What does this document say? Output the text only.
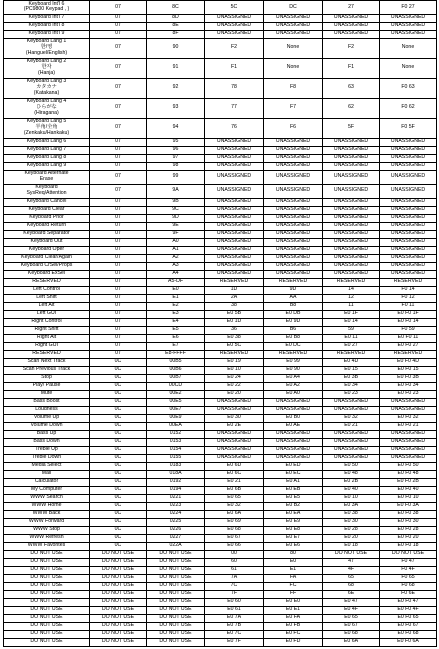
Keyboard Int'l 6
(PC9800 Keypad , )	07	8C	5C	DC	27	F0 27
Keyboard Int'l 7	07	8D	UNASSIGNED	UNASSIGNED	UNASSIGNED	UNASSIGNED
Keyboard Int'l 8	07	8E	UNASSIGNED	UNASSIGNED	UNASSIGNED	UNASSIGNED
Keyboard Int'l 9	07	8F	UNASSIGNED	UNASSIGNED	UNASSIGNED	UNASSIGNED
Keyboard Lang 1
한/영
(Hanguel/English)	07	90	F2	None	F2	None
Keyboard Lang 2
한자
(Hanja)	07	91	F1	None	F1	None
Keyboard Lang 3
カタカナ
(Katakana)	07	92	78	F8	63	F0 63
Keyboard Lang 4
ひらがな
(Hiragana)	07	93	77	F7	62	F0 62
Keyboard Lang 5
半角/全角
(Zenkaku/Hankaku)	07	94	76	F6	5F	F0 5F
Keyboard Lang 6	07	95	UNASSIGNED	UNASSIGNED	UNASSIGNED	UNASSIGNED
Keyboard Lang 7	07	96	UNASSIGNED	UNASSIGNED	UNASSIGNED	UNASSIGNED
Keyboard Lang 8	07	97	UNASSIGNED	UNASSIGNED	UNASSIGNED	UNASSIGNED
Keyboard Lang 9	07	98	UNASSIGNED	UNASSIGNED	UNASSIGNED	UNASSIGNED
Keyboard Alternate
Erase	07	99	UNASSIGNED	UNASSIGNED	UNASSIGNED	UNASSIGNED
Keyboard
SysReq/Attention	07	9A	UNASSIGNED	UNASSIGNED	UNASSIGNED	UNASSIGNED
Keyboard Cancel	07	9B	UNASSIGNED	UNASSIGNED	UNASSIGNED	UNASSIGNED
Keyboard Clear	07	9C	UNASSIGNED	UNASSIGNED	UNASSIGNED	UNASSIGNED
Keyboard Prior	07	9D	UNASSIGNED	UNASSIGNED	UNASSIGNED	UNASSIGNED
Keyboard Return	07	9E	UNASSIGNED	UNASSIGNED	UNASSIGNED	UNASSIGNED
Keyboard Separator	07	9F	UNASSIGNED	UNASSIGNED	UNASSIGNED	UNASSIGNED
Keyboard Out	07	A0	UNASSIGNED	UNASSIGNED	UNASSIGNED	UNASSIGNED
Keyboard Oper	07	A1	UNASSIGNED	UNASSIGNED	UNASSIGNED	UNASSIGNED
Keyboard Clear/Again	07	A2	UNASSIGNED	UNASSIGNED	UNASSIGNED	UNASSIGNED
Keyboard CrSel/Props	07	A3	UNASSIGNED	UNASSIGNED	UNASSIGNED	UNASSIGNED
Keyboard ExSel	07	A4	UNASSIGNED	UNASSIGNED	UNASSIGNED	UNASSIGNED
RESERVED	07	A5-DF	RESERVED	RESERVED	RESERVED	RESERVED
Left Control	07	E0	1D	9D	14	F0 14
Left Shift	07	E1	2A	AA	12	F0 12
Left Alt	07	E2	38	B8	11	F0 11
Left GUI	07	E3	E0 5B	E0 DB	E0 1F	E0 F0 1F
Right Control	07	E4	E0 1D	E0 9D	E0 14	E0 F0 14
Right Shift	07	E5	36	B6	59	F0 59
Right Alt	07	E6	E0 38	E0 B8	E0 11	E0 F0 11
Right GUI	07	E7	E0 5C	E0 DC	E0 27	E0 F0 27
RESERVED	07	E8-FFFF	RESERVED	RESERVED	RESERVED	RESERVED
Scan Next Track	0C	00B5	E0 19	E0 99	E0 4D	E0 F0 4D
Scan Previous Track	0C	00B6	E0 10	E0 90	E0 15	E0 F0 15
Stop	0C	00B7	E0 24	E0 A4	E0 3B	E0 F0 3B
Play/ Pause	0C	00CD	E0 22	E0 A2	E0 34	E0 F0 34
Mute	0C	00E2	E0 20	E0 A0	E0 23	E0 F0 23
Bass Boost	0C	00E5	UNASSIGNED	UNASSIGNED	UNASSIGNED	UNASSIGNED
Loudness	0C	00E7	UNASSIGNED	UNASSIGNED	UNASSIGNED	UNASSIGNED
Volume Up	0C	00E9	E0 30	E0 B0	E0 32	E0 F0 32
Volume Down	0C	00EA	E0 2E	E0 AE	E0 21	E0 F0 21
Bass Up	0C	0152	UNASSIGNED	UNASSIGNED	UNASSIGNED	UNASSIGNED
Bass Down	0C	0153	UNASSIGNED	UNASSIGNED	UNASSIGNED	UNASSIGNED
Treble Up	0C	0154	UNASSIGNED	UNASSIGNED	UNASSIGNED	UNASSIGNED
Treble Down	0C	0155	UNASSIGNED	UNASSIGNED	UNASSIGNED	UNASSIGNED
Media Select	0C	0183	E0 6D	E0 ED	E0 50	E0 F0 50
Mail	0C	018A	E0 6C	E0 EC	E0 48	E0 F0 48
Calculator	0C	0192	E0 21	E0 A1	E0 2B	E0 F0 2B
My Computer	0C	0194	E0 6B	E0 EB	E0 40	E0 F0 40
WWW Search	0C	0221	E0 65	E0 E5	E0 10	E0 F0 10
WWW Home	0C	0223	E0 32	E0 B2	E0 3A	E0 F0 3A
WWW Back	0C	0224	E0 6A	E0 EA	E0 38	E0 F0 38
WWW Forward	0C	0225	E0 69	E0 E9	E0 30	E0 F0 30
WWW Stop	0C	0226	E0 68	E0 E8	E0 28	E0 F0 28
WWW Refresh	0C	0227	E0 67	E0 E7	E0 20	E0 F0 20
WWW Favorites	0C	022A	E0 66	E0 E6	E0 18	E0 F0 18
DO NOT USE	DO NOT USE	DO NOT USE	00	80	DO NOT USE	DO NOT USE
DO NOT USE	DO NOT USE	DO NOT USE	60	E0	47	F0 47
DO NOT USE	DO NOT USE	DO NOT USE	61	E1	4F	F0 4F
DO NOT USE	DO NOT USE	DO NOT USE	7A	FA	65	F0 65
DO NOT USE	DO NOT USE	DO NOT USE	7C	FC	68	F0 68
DO NOT USE	DO NOT USE	DO NOT USE	7F	FF	6E	F0 6E
DO NOT USE	DO NOT USE	DO NOT USE	E0 60	E0 E0	E0 47	E0 F0 47
DO NOT USE	DO NOT USE	DO NOT USE	E0 61	E0 E1	E0 4F	E0 F0 4F
DO NOT USE	DO NOT USE	DO NOT USE	E0 7A	E0 FA	E0 65	E0 F0 65
DO NOT USE	DO NOT USE	DO NOT USE	E0 7B	E0 FB	E0 67	E0 F0 67
DO NOT USE	DO NOT USE	DO NOT USE	E0 7C	E0 FC	E0 68	E0 F0 68
DO NOT USE	DO NOT USE	DO NOT USE	E0 7F	E0 FD	E0 6A	E0 F0 6A
